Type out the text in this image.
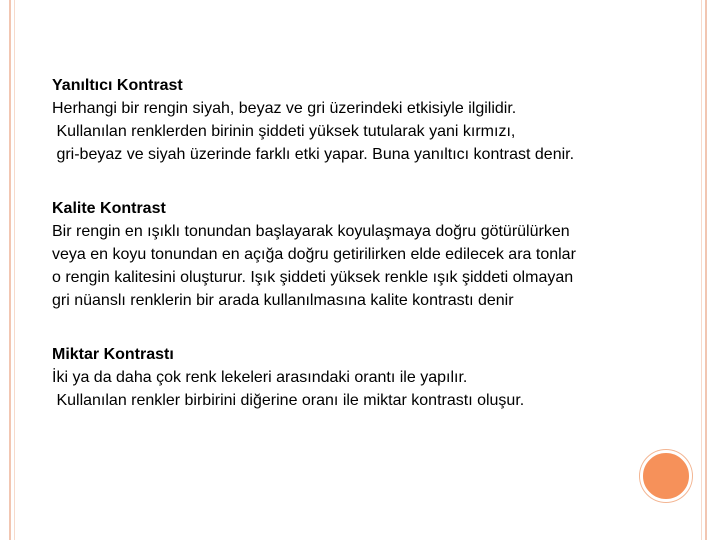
Yanıltıcı Kontrast
Herhangi bir rengin siyah, beyaz ve gri üzerindeki etkisiyle ilgilidir.
Kullanılan renklerden birinin şiddeti yüksek tutularak yani kırmızı,
gri-beyaz ve siyah üzerinde farklı etki yapar. Buna yanıltıcı kontrast denir.
Kalite Kontrast
Bir rengin en ışıklı tonundan başlayarak koyulaşmaya doğru götürülürken
veya en koyu tonundan en açığa doğru getirilirken elde edilecek ara tonlar
o rengin kalitesini oluşturur. Işık şiddeti yüksek renkle ışık şiddeti olmayan
gri nüanslı renklerin bir arada kullanılmasına kalite kontrastı denir
Miktar Kontrastı
İki ya da daha çok renk lekeleri arasındaki orantı ile yapılır.
Kullanılan renkler birbirini diğerine oranı ile miktar kontrastı oluşur.
